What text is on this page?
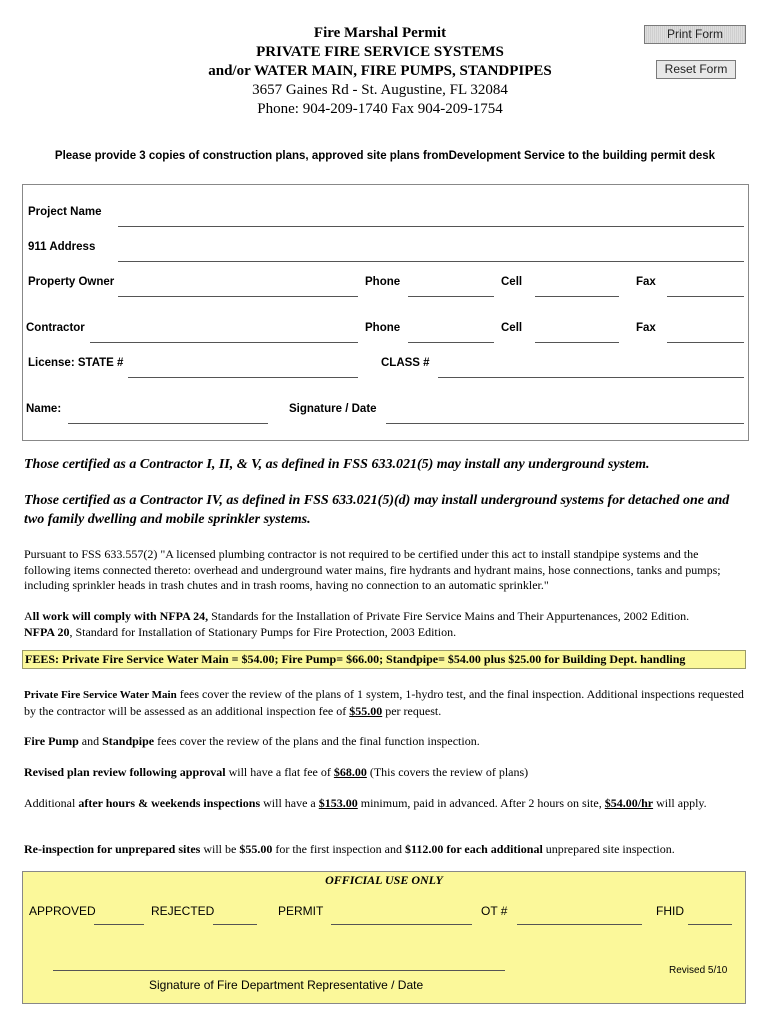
Fire Marshal Permit
PRIVATE FIRE SERVICE SYSTEMS
and/or WATER MAIN, FIRE PUMPS, STANDPIPES
3657 Gaines Rd - St. Augustine, FL 32084
Phone: 904-209-1740 Fax 904-209-1754
Print Form
Reset Form
Please provide 3 copies of construction plans, approved site plans fromDevelopment Service to the building permit desk
Project Name
911 Address
Property Owner	Phone	Cell	Fax
Contractor	Phone	Cell	Fax
License: STATE #	CLASS #
Name:	Signature / Date
Those certified as a Contractor I, II, & V, as defined in FSS 633.021(5) may install any underground system.
Those certified as a Contractor IV, as defined in FSS 633.021(5)(d) may install underground systems for detached one and two family dwelling and mobile sprinkler systems.
Pursuant to FSS 633.557(2) "A licensed plumbing contractor is not required to be certified under this act to install standpipe systems and the following items connected thereto: overhead and underground water mains, fire hydrants and hydrant mains, hose connections, tanks and pumps; including sprinkler heads in trash chutes and in trash rooms, having no connection to an automatic sprinkler."
All work will comply with NFPA 24, Standards for the Installation of Private Fire Service Mains and Their Appurtenances, 2002 Edition.
NFPA 20, Standard for Installation of Stationary Pumps for Fire Protection, 2003 Edition.
FEES: Private Fire Service Water Main = $54.00; Fire Pump= $66.00; Standpipe= $54.00 plus $25.00 for Building Dept. handling
Private Fire Service Water Main fees cover the review of the plans of 1 system, 1-hydro test, and the final inspection. Additional inspections requested by the contractor will be assessed as an additional inspection fee of $55.00 per request.
Fire Pump and Standpipe fees cover the review of the plans and the final function inspection.
Revised plan review following approval will have a flat fee of $68.00 (This covers the review of plans)
Additional after hours & weekends inspections will have a $153.00 minimum, paid in advanced. After 2 hours on site, $54.00/hr will apply.
Re-inspection for unprepared sites will be $55.00 for the first inspection and $112.00 for each additional unprepared site inspection.
OFFICIAL USE ONLY
APPROVED	REJECTED	PERMIT	OT #	FHID
Revised 5/10
Signature of Fire Department Representative / Date
